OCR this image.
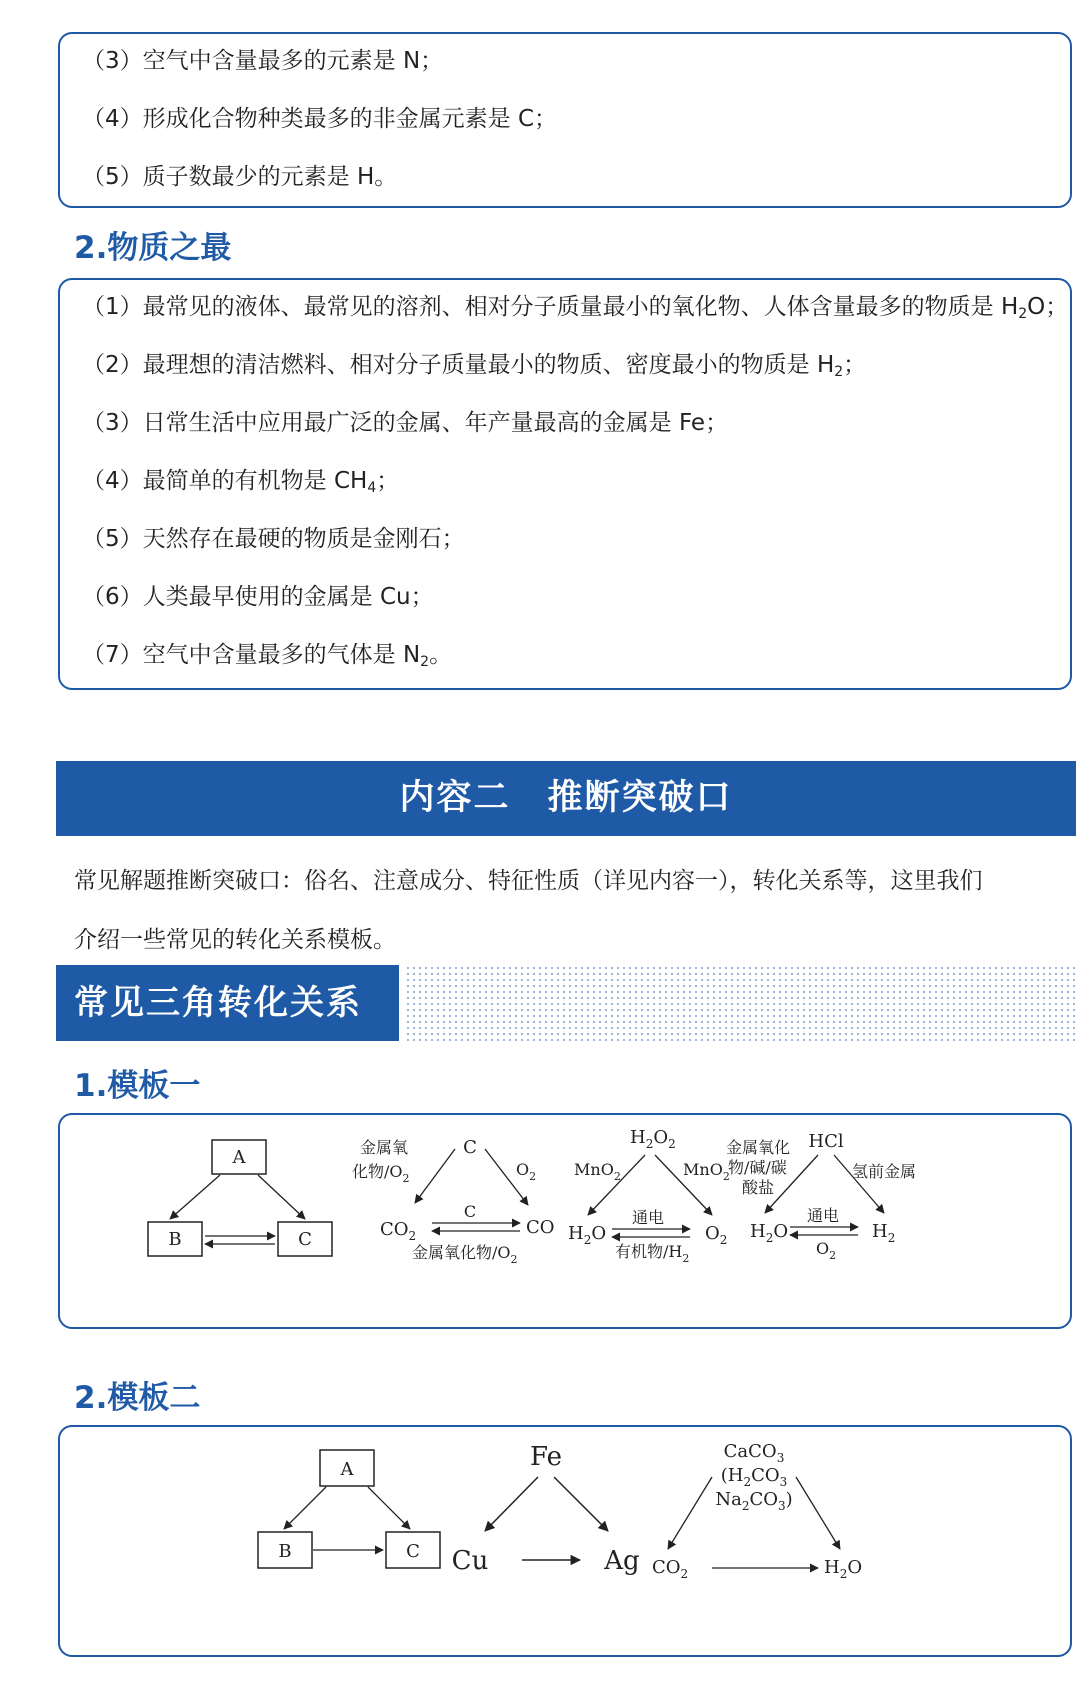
（3）空气中含量最多的元素是 N；
（4）形成化合物种类最多的非金属元素是 C；
（5）质子数最少的元素是 H。
2.物质之最
（1）最常见的液体、最常见的溶剂、相对分子质量最小的氧化物、人体含量最多的物质是 $H_2O$；
（2）最理想的清洁燃料、相对分子质量最小的物质、密度最小的物质是 $H_2$；
（3）日常生活中应用最广泛的金属、年产量最高的金属是 Fe；
（4）最简单的有机物是 $CH_4$；
（5）天然存在最硬的物质是金刚石；
（6）人类最早使用的金属是 Cu；
（7）空气中含量最多的气体是 $N_2$。
内容二　推断突破口
常见解题推断突破口：俗名、注意成分、特征性质（详见内容一），转化关系等，这里我们
介绍一些常见的转化关系模板。
常见三角转化关系
1.模板一
A
B	C
C
金属氧
化物$/O_2$	$O_2$
$CO_2$	CO
C
金属氧化物$/O_2$
$H_2O_2$
MnO$_2$	MnO$_2$
$H_2O$	$O_2$
通电
有机物$/H_2$
HCl
金属氧化
物/碱/碳
酸盐
氢前金属
$H_2O$	$H_2$
通电
$O_2$
2.模板二
A
B	C
Fe
Cu	Ag
CaCO$_3$
($H_2CO_3$
$Na_2CO_3$)
$CO_2$	$H_2O$
